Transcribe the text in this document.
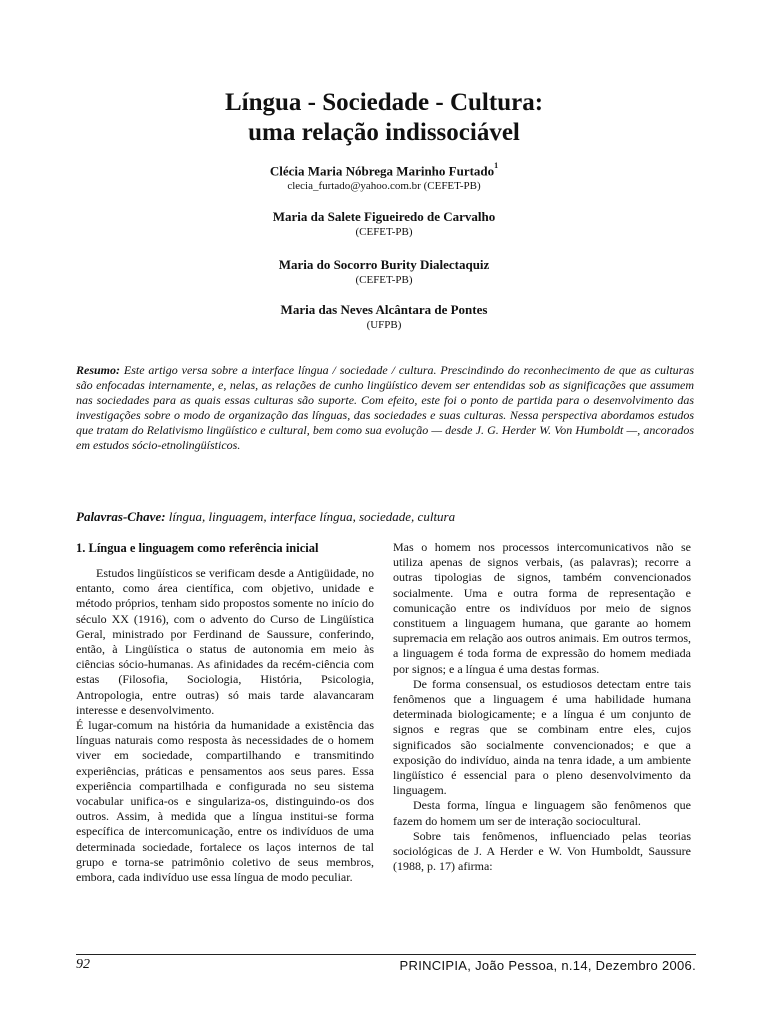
Língua - Sociedade - Cultura:
uma relação indissociável
Clécia Maria Nóbrega Marinho Furtado$^1$
clecia_furtado@yahoo.com.br (CEFET-PB)
Maria da Salete Figueiredo de Carvalho
(CEFET-PB)
Maria do Socorro Burity Dialectaquiz
(CEFET-PB)
Maria das Neves Alcântara de Pontes
(UFPB)
Resumo: Este artigo versa sobre a interface língua / sociedade / cultura. Prescindindo do reconhecimento de que as culturas são enfocadas internamente, e, nelas, as relações de cunho lingüístico devem ser entendidas sob as significações que assumem nas sociedades para as quais essas culturas são suporte. Com efeito, este foi o ponto de partida para o desenvolvimento das investigações sobre o modo de organização das línguas, das sociedades e suas culturas. Nessa perspectiva abordamos estudos que tratam do Relativismo lingüístico e cultural, bem como sua evolução — desde J. G. Herder W. Von Humboldt —, ancorados em estudos sócio-etnolingüísticos.
Palavras-Chave: língua, linguagem, interface língua, sociedade, cultura
1. Língua e linguagem como referência inicial

Estudos lingüísticos se verificam desde a Antigüidade, no entanto, como área científica, com objetivo, unidade e método próprios, tenham sido propostos somente no início do século XX (1916), com o advento do Curso de Lingüística Geral, ministrado por Ferdinand de Saussure, conferindo, então, à Lingüística o status de autonomia em meio às ciências sócio-humanas. As afinidades da recém-ciência com estas (Filosofia, Sociologia, História, Psicologia, Antropologia, entre outras) só mais tarde alavancaram interesse e desenvolvimento.

É lugar-comum na história da humanidade a existência das línguas naturais como resposta às necessidades de o homem viver em sociedade, compartilhando e transmitindo experiências, práticas e pensamentos aos seus pares. Essa experiência compartilhada e configurada no seu sistema vocabular unifica-os e singulariza-os, distinguindo-os dos outros. Assim, à medida que a língua institui-se forma específica de intercomunicação, entre os indivíduos de uma determinada sociedade, fortalece os laços internos de tal grupo e torna-se patrimônio coletivo de seus membros, embora, cada indivíduo use essa língua de modo peculiar.

Mas o homem nos processos intercomunicativos não se utiliza apenas de signos verbais, (as palavras); recorre a outras tipologias de signos, também convencionados socialmente. Uma e outra forma de representação e comunicação entre os indivíduos por meio de signos constituem a linguagem humana, que garante ao homem supremacia em relação aos outros animais. Em outros termos, a linguagem é toda forma de expressão do homem mediada por signos; e a língua é uma destas formas.

De forma consensual, os estudiosos detectam entre tais fenômenos que a linguagem é uma habilidade humana determinada biologicamente; e a língua é um conjunto de signos e regras que se combinam entre eles, cujos significados são socialmente convencionados; e que a exposição do indivíduo, ainda na tenra idade, a um ambiente lingüístico é essencial para o pleno desenvolvimento da linguagem.

Desta forma, língua e linguagem são fenômenos que fazem do homem um ser de interação sociocultural.

Sobre tais fenômenos, influenciado pelas teorias sociológicas de J. A Herder e W. Von Humboldt, Saussure (1988, p. 17) afirma:

92	PRINCIPIA, João Pessoa, n.14, Dezembro 2006.
